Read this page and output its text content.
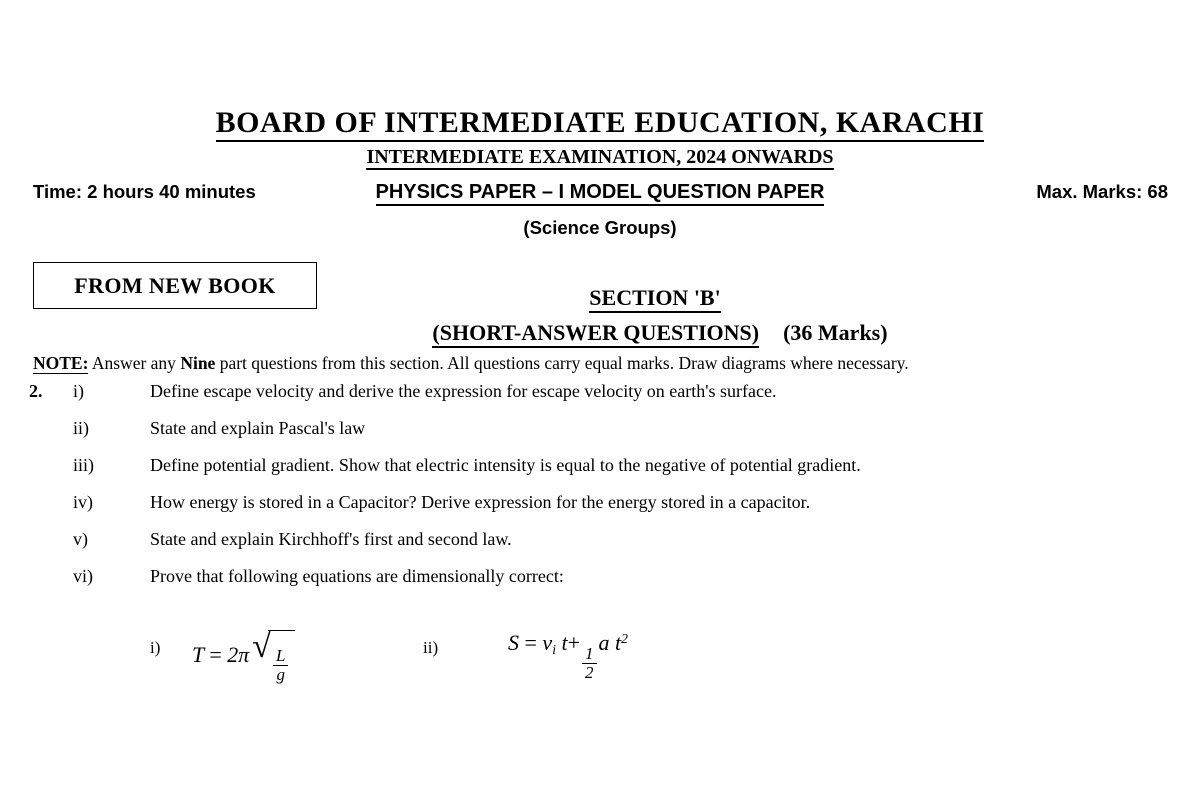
BOARD OF INTERMEDIATE EDUCATION, KARACHI
INTERMEDIATE EXAMINATION, 2024 ONWARDS
Time: 2 hours 40 minutes	PHYSICS PAPER – I MODEL QUESTION PAPER	Max. Marks: 68
(Science Groups)
FROM NEW BOOK	SECTION 'B'
(SHORT-ANSWER QUESTIONS) (36 Marks)
NOTE: Answer any Nine part questions from this section. All questions carry equal marks. Draw diagrams where necessary.
2. i)	Define escape velocity and derive the expression for escape velocity on earth's surface.
ii)	State and explain Pascal's law
iii)	Define potential gradient. Show that electric intensity is equal to the negative of potential gradient.
iv)	How energy is stored in a Capacitor? Derive expression for the energy stored in a capacitor.
v)	State and explain Kirchhoff's first and second law.
vi)	Prove that following equations are dimensionally correct:
i) T = 2π √
$\frac{L}{g}$	ii)	$S = v_i$ t+
$\frac{1}{2}$
a $t^2$
